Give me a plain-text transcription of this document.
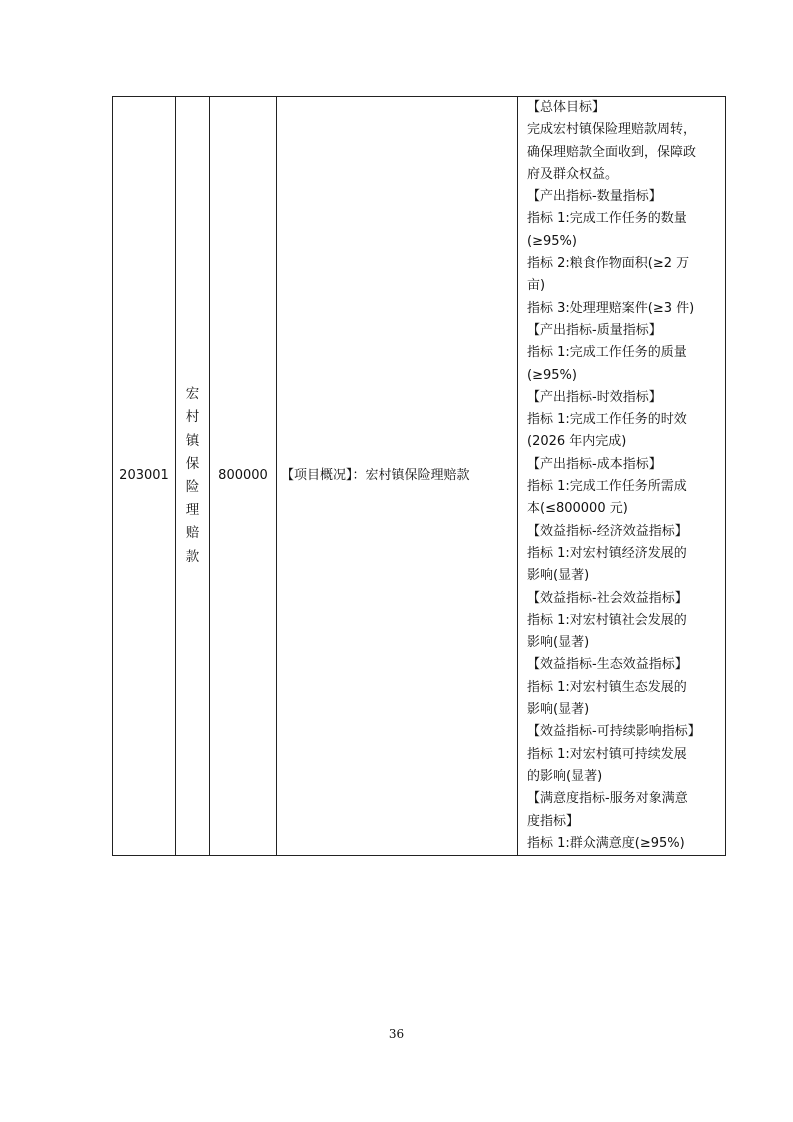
203001	宏村镇保险理赔款	800000	【项目概况】：宏村镇保险理赔款	
【总体目标】
完成宏村镇保险理赔款周转，
确保理赔款全面收到，保障政
府及群众权益。
【产出指标-数量指标】
指标 1:完成工作任务的数量
(≥95%)
指标 2:粮食作物面积(≥2 万
亩)
指标 3:处理理赔案件(≥3 件)
【产出指标-质量指标】
指标 1:完成工作任务的质量
(≥95%)
【产出指标-时效指标】
指标 1:完成工作任务的时效
(2026 年内完成)
【产出指标-成本指标】
指标 1:完成工作任务所需成
本(≤800000 元)
【效益指标-经济效益指标】
指标 1:对宏村镇经济发展的
影响(显著)
【效益指标-社会效益指标】
指标 1:对宏村镇社会发展的
影响(显著)
【效益指标-生态效益指标】
指标 1:对宏村镇生态发展的
影响(显著)
【效益指标-可持续影响指标】
指标 1:对宏村镇可持续发展
的影响(显著)
【满意度指标-服务对象满意
度指标】
指标 1:群众满意度(≥95%)
36
